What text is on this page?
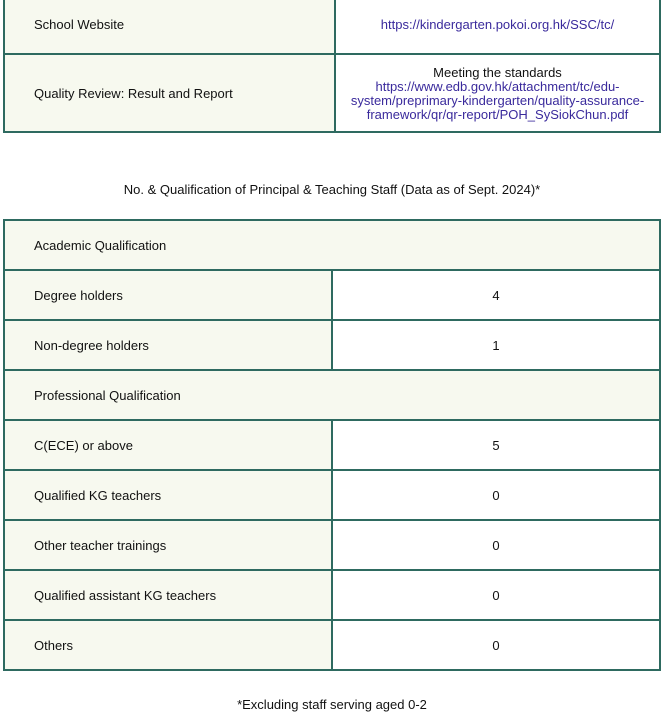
School Website	https://kindergarten.pokoi.org.hk/SSC/tc/
Quality Review: Result and Report	Meeting the standards
https://www.edb.gov.hk/attachment/tc/edu-system/preprimary-kindergarten/quality-assurance-framework/qr/qr-report/POH_SySiokChun.pdf
No. & Qualification of Principal & Teaching Staff (Data as of Sept. 2024)*
Academic Qualification	
Degree holders	4
Non-degree holders	1
Professional Qualification	
C(ECE) or above	5
Qualified KG teachers	0
Other teacher trainings	0
Qualified assistant KG teachers	0
Others	0
*Excluding staff serving aged 0-2
